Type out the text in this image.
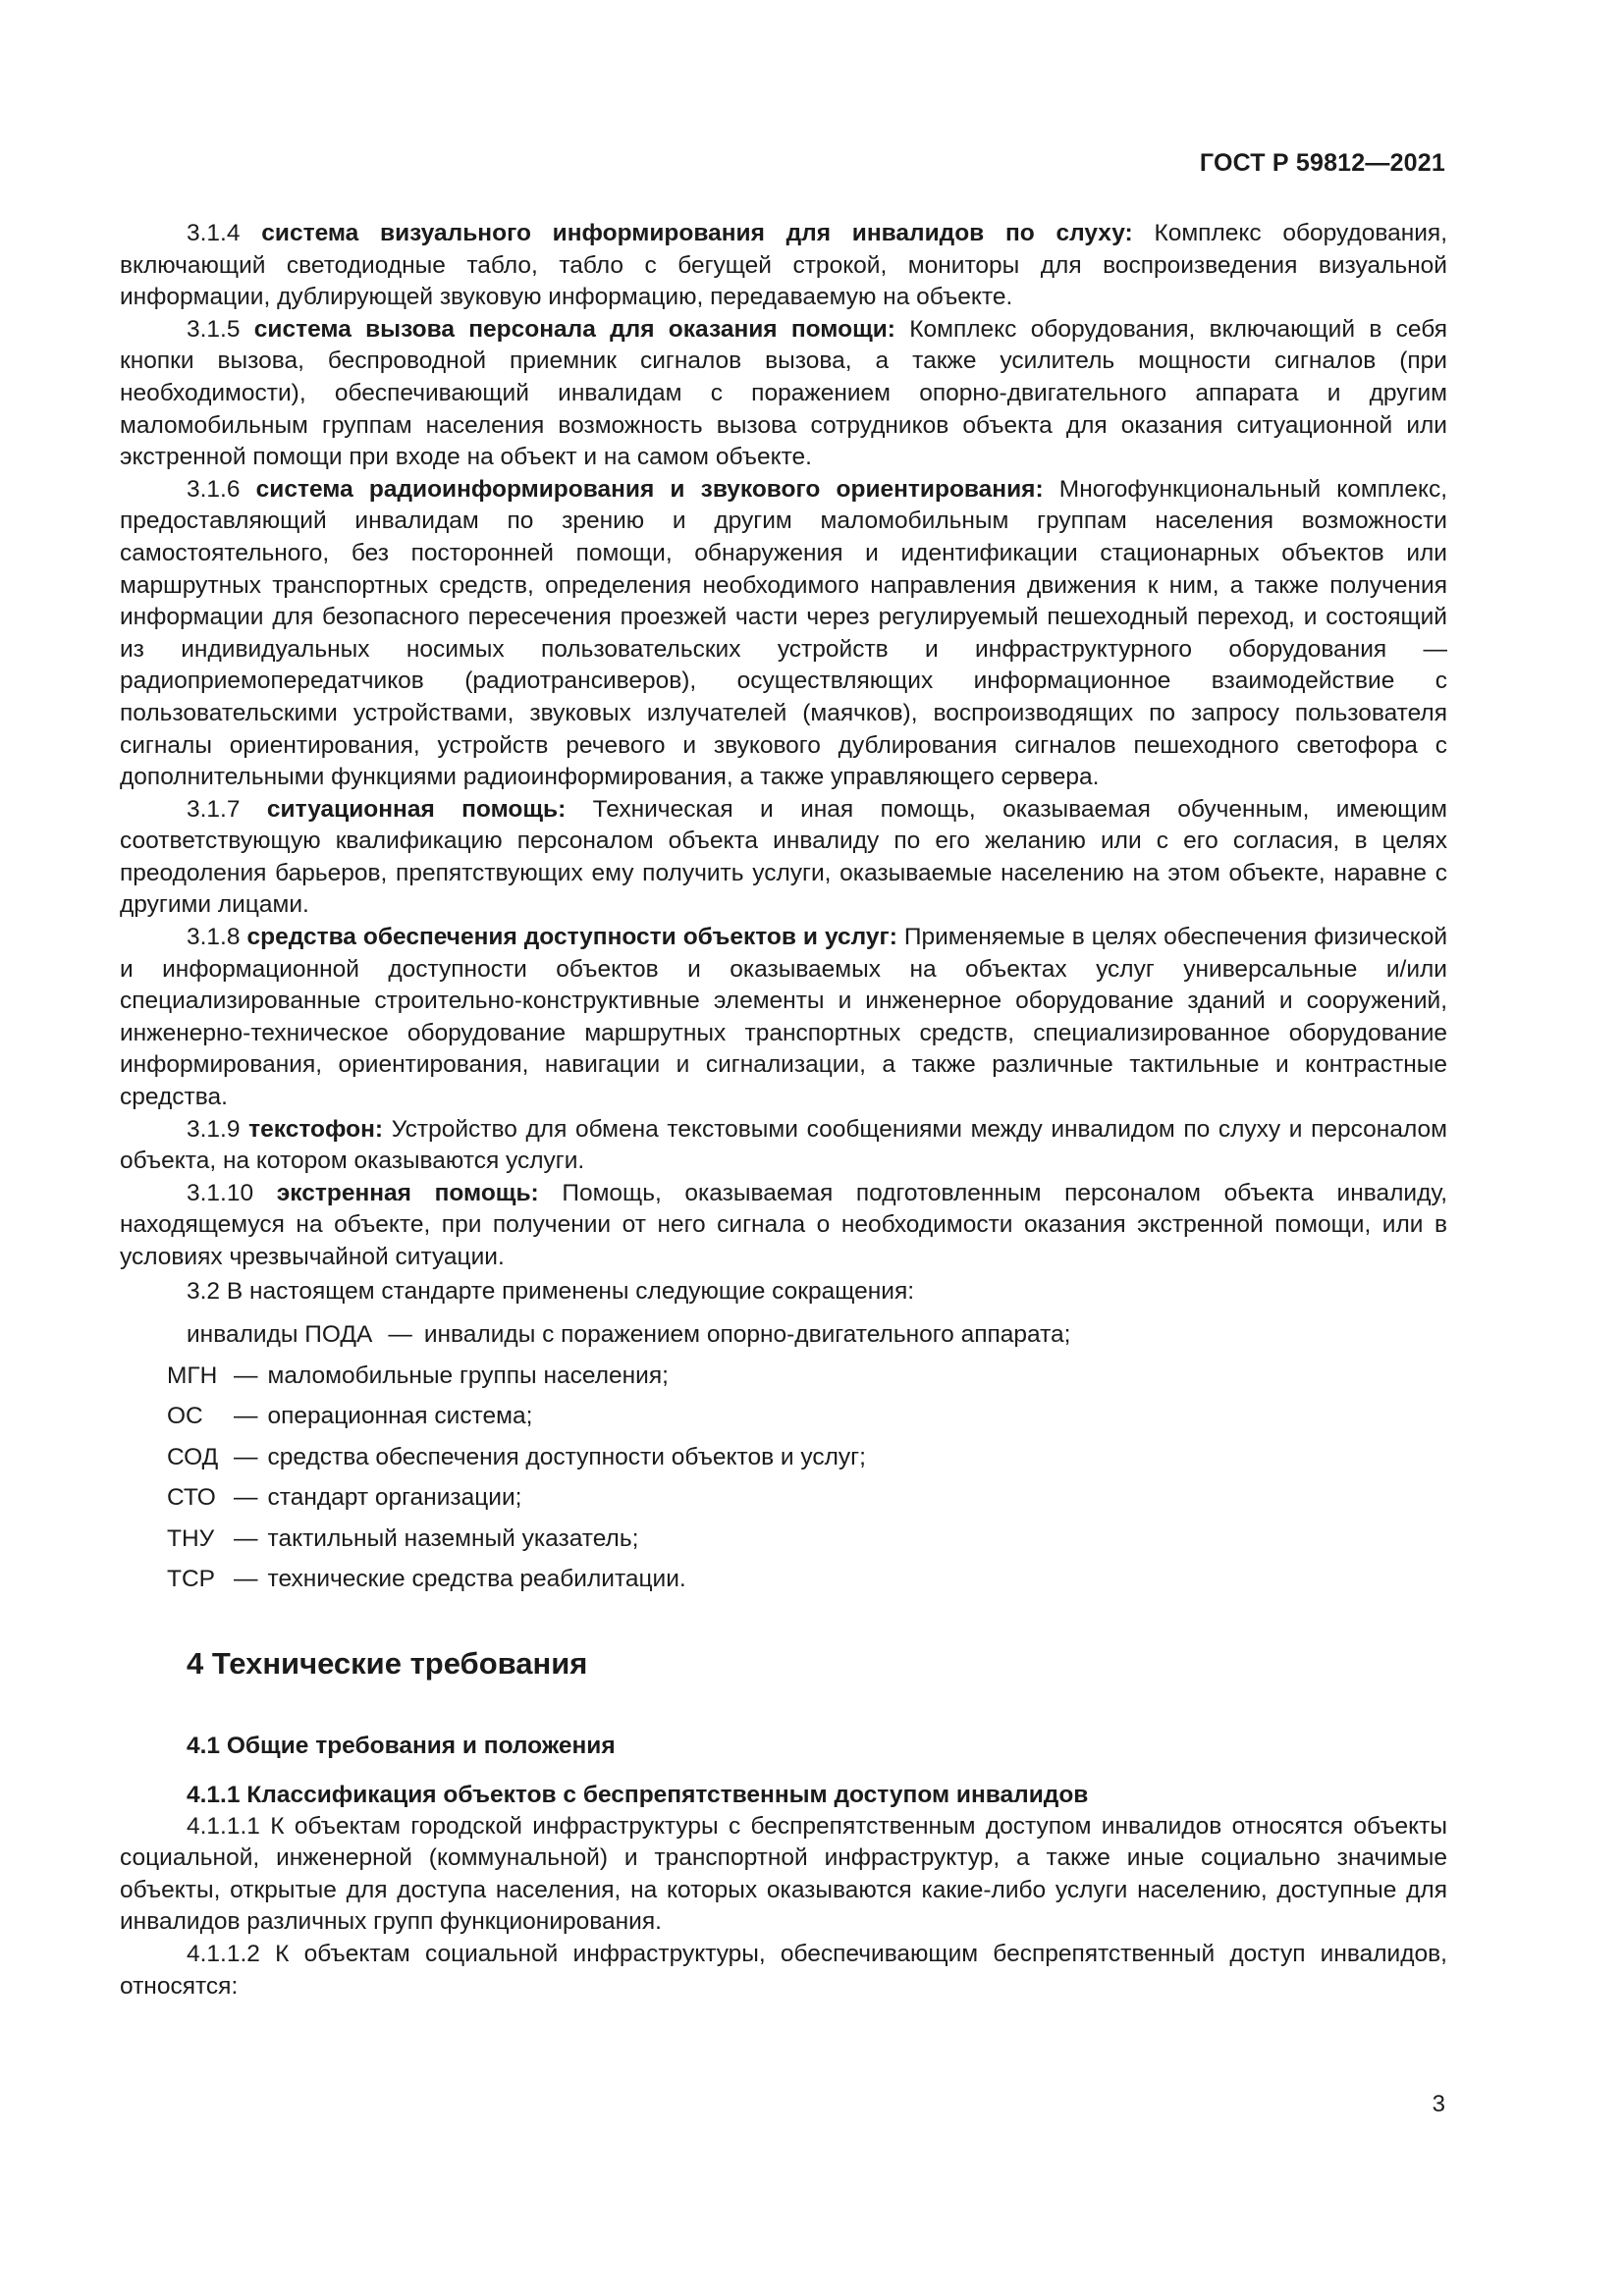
ГОСТ Р 59812—2021

3.1.4 система визуального информирования для инвалидов по слуху: Комплекс оборудования, включающий светодиодные табло, табло с бегущей строкой, мониторы для воспроизведения визуальной информации, дублирующей звуковую информацию, передаваемую на объекте.

3.1.5 система вызова персонала для оказания помощи: Комплекс оборудования, включающий в себя кнопки вызова, беспроводной приемник сигналов вызова, а также усилитель мощности сигналов (при необходимости), обеспечивающий инвалидам с поражением опорно-двигательного аппарата и другим маломобильным группам населения возможность вызова сотрудников объекта для оказания ситуационной или экстренной помощи при входе на объект и на самом объекте.

3.1.6 система радиоинформирования и звукового ориентирования: Многофункциональный комплекс, предоставляющий инвалидам по зрению и другим маломобильным группам населения возможности самостоятельного, без посторонней помощи, обнаружения и идентификации стационарных объектов или маршрутных транспортных средств, определения необходимого направления движения к ним, а также получения информации для безопасного пересечения проезжей части через регулируемый пешеходный переход, и состоящий из индивидуальных носимых пользовательских устройств и инфраструктурного оборудования — радиоприемопередатчиков (радиотрансиверов), осуществляющих информационное взаимодействие с пользовательскими устройствами, звуковых излучателей (маячков), воспроизводящих по запросу пользователя сигналы ориентирования, устройств речевого и звукового дублирования сигналов пешеходного светофора с дополнительными функциями радиоинформирования, а также управляющего сервера.

3.1.7 ситуационная помощь: Техническая и иная помощь, оказываемая обученным, имеющим соответствующую квалификацию персоналом объекта инвалиду по его желанию или с его согласия, в целях преодоления барьеров, препятствующих ему получить услуги, оказываемые населению на этом объекте, наравне с другими лицами.

3.1.8 средства обеспечения доступности объектов и услуг: Применяемые в целях обеспечения физической и информационной доступности объектов и оказываемых на объектах услуг универсальные и/или специализированные строительно-конструктивные элементы и инженерное оборудование зданий и сооружений, инженерно-техническое оборудование маршрутных транспортных средств, специализированное оборудование информирования, ориентирования, навигации и сигнализации, а также различные тактильные и контрастные средства.

3.1.9 текстофон: Устройство для обмена текстовыми сообщениями между инвалидом по слуху и персоналом объекта, на котором оказываются услуги.

3.1.10 экстренная помощь: Помощь, оказываемая подготовленным персоналом объекта инвалиду, находящемуся на объекте, при получении от него сигнала о необходимости оказания экстренной помощи, или в условиях чрезвычайной ситуации.

3.2 В настоящем стандарте применены следующие сокращения:

инвалиды ПОДА — инвалиды с поражением опорно-двигательного аппарата;
МГН — маломобильные группы населения;
ОС	— операционная система;
СОД — средства обеспечения доступности объектов и услуг;
СТО — стандарт организации;
ТНУ — тактильный наземный указатель;
ТСР — технические средства реабилитации.
4 Технические требования
4.1 Общие требования и положения
4.1.1 Классификация объектов с беспрепятственным доступом инвалидов

4.1.1.1 К объектам городской инфраструктуры с беспрепятственным доступом инвалидов относятся объекты социальной, инженерной (коммунальной) и транспортной инфраструктур, а также иные социально значимые объекты, открытые для доступа населения, на которых оказываются какие-либо услуги населению, доступные для инвалидов различных групп функционирования.

4.1.1.2 К объектам социальной инфраструктуры, обеспечивающим беспрепятственный доступ инвалидов, относятся:

3
